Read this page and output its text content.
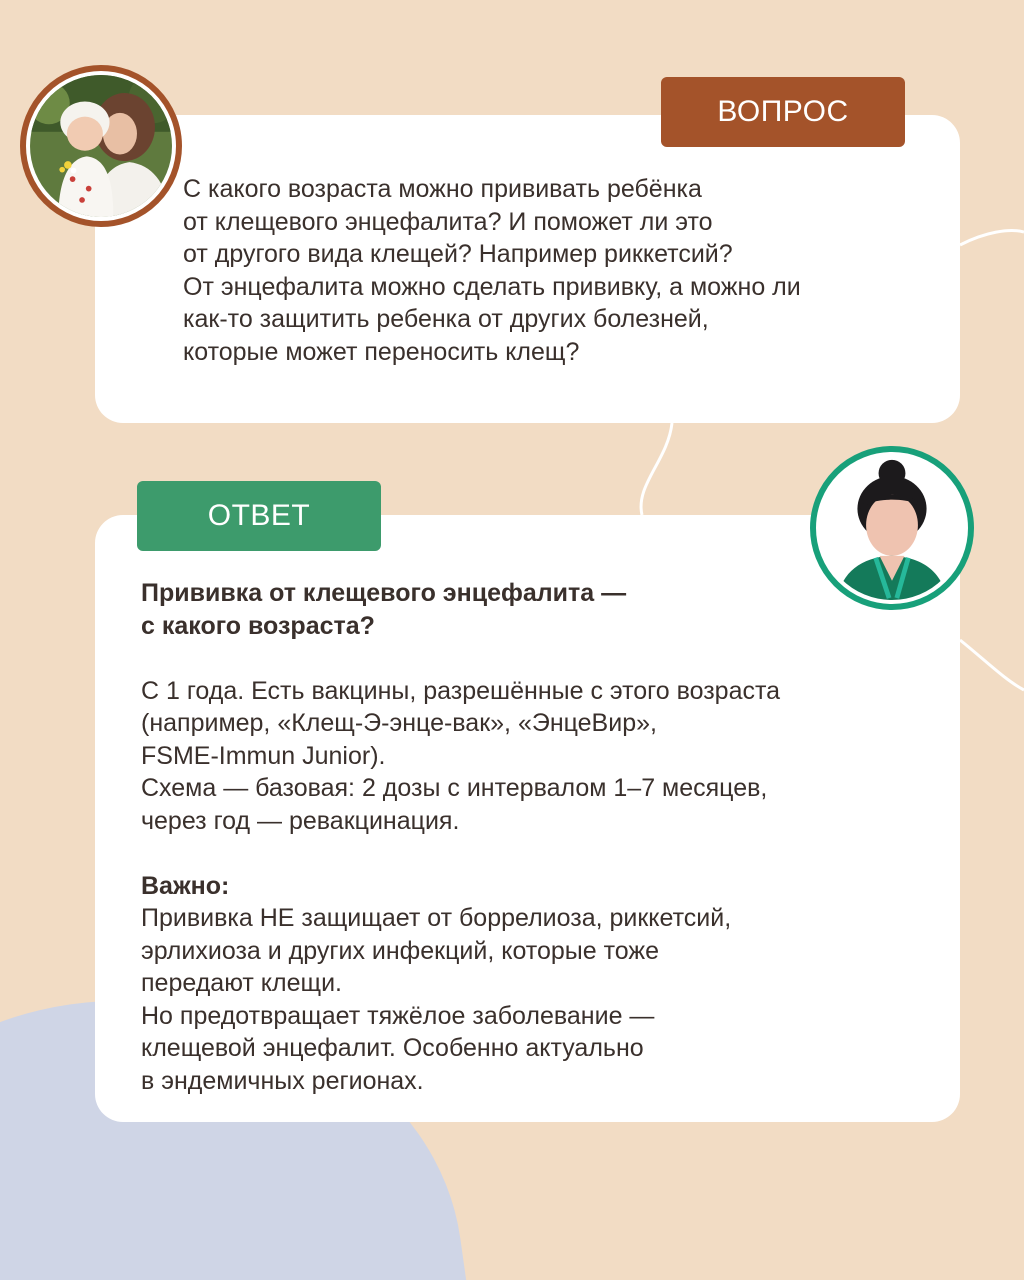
ВОПРОС
С какого возраста можно прививать ребёнка
от клещевого энцефалита? И поможет ли это
от другого вида клещей? Например риккетсий?
От энцефалита можно сделать прививку, а можно ли
как-то защитить ребенка от других болезней,
которые может переносить клещ?
ОТВЕТ
Прививка от клещевого энцефалита —
с какого возраста?
С 1 года. Есть вакцины, разрешённые с этого возраста
(например, «Клещ-Э-энце-вак», «ЭнцеВир»,
FSME-Immun Junior).
Схема — базовая: 2 дозы с интервалом 1–7 месяцев,
через год — ревакцинация.
Важно:
Прививка НЕ защищает от боррелиоза, риккетсий,
эрлихиоза и других инфекций, которые тоже
передают клещи.
Но предотвращает тяжёлое заболевание —
клещевой энцефалит. Особенно актуально
в эндемичных регионах.
